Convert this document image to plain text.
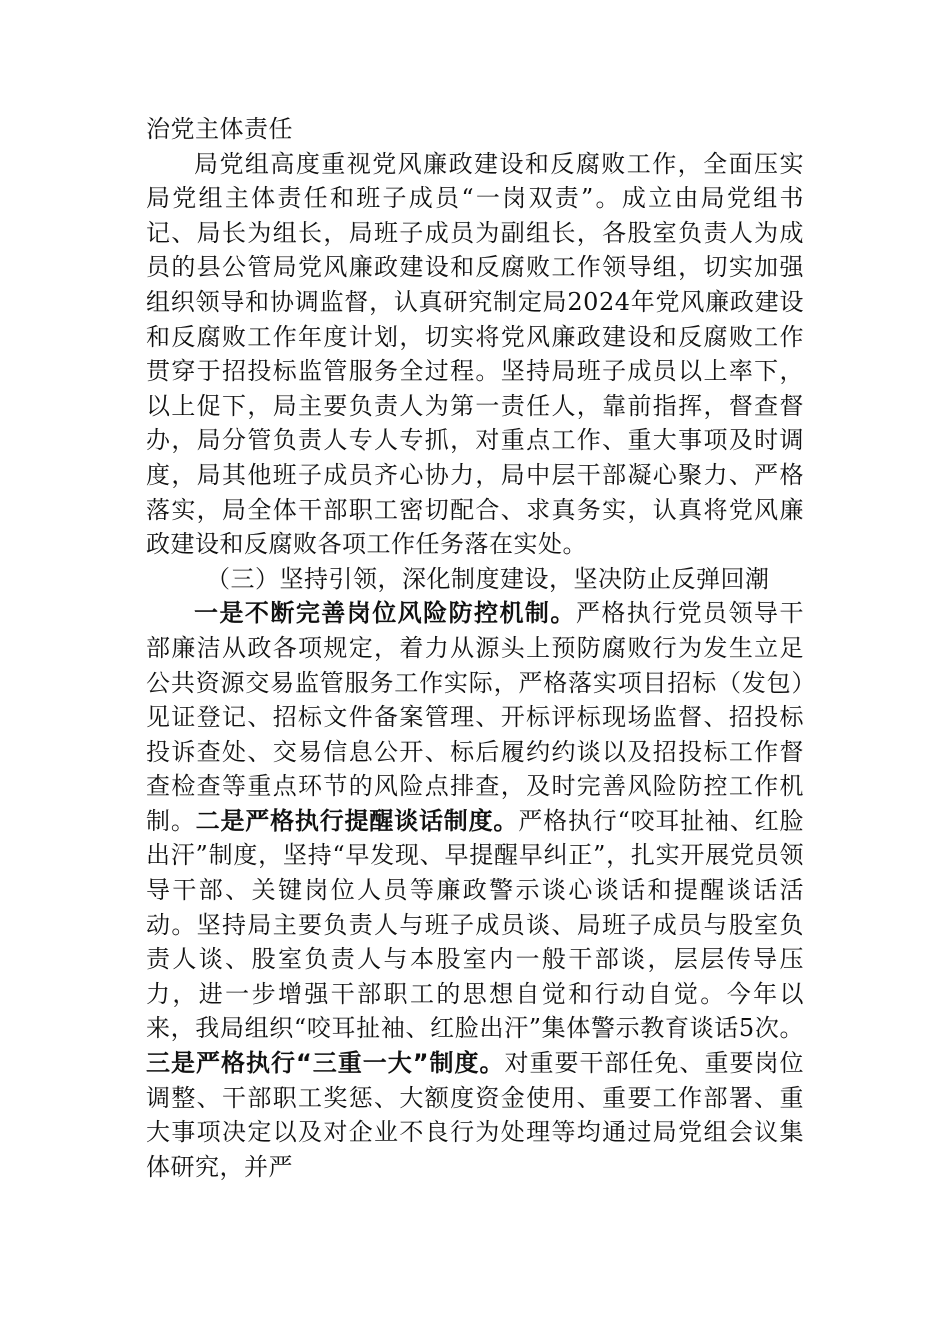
治党主体责任

局党组高度重视党风廉政建设和反腐败工作，全面压实局党组主体责任和班子成员“一岗双责”。成立由局党组书记、局长为组长，局班子成员为副组长，各股室负责人为成员的县公管局党风廉政建设和反腐败工作领导组，切实加强组织领导和协调监督，认真研究制定局2024年党风廉政建设和反腐败工作年度计划，切实将党风廉政建设和反腐败工作贯穿于招投标监管服务全过程。坚持局班子成员以上率下，以上促下，局主要负责人为第一责任人，靠前指挥，督查督办，局分管负责人专人专抓，对重点工作、重大事项及时调度，局其他班子成员齐心协力，局中层干部凝心聚力、严格落实，局全体干部职工密切配合、求真务实，认真将党风廉政建设和反腐败各项工作任务落在实处。

（三）坚持引领，深化制度建设，坚决防止反弹回潮

一是不断完善岗位风险防控机制。严格执行党员领导干部廉洁从政各项规定，着力从源头上预防腐败行为发生立足公共资源交易监管服务工作实际，严格落实项目招标（发包）见证登记、招标文件备案管理、开标评标现场监督、招投标投诉查处、交易信息公开、标后履约约谈以及招投标工作督查检查等重点环节的风险点排查，及时完善风险防控工作机制。二是严格执行提醒谈话制度。严格执行“咬耳扯袖、红脸出汗”制度，坚持“早发现、早提醒早纠正”，扎实开展党员领导干部、关键岗位人员等廉政警示谈心谈话和提醒谈话活动。坚持局主要负责人与班子成员谈、局班子成员与股室负责人谈、股室负责人与本股室内一般干部谈，层层传导压力，进一步增强干部职工的思想自觉和行动自觉。今年以来，我局组织“咬耳扯袖、红脸出汗”集体警示教育谈话5次。三是严格执行“三重一大”制度。对重要干部任免、重要岗位调整、干部职工奖惩、大额度资金使用、重要工作部署、重大事项决定以及对企业不良行为处理等均通过局党组会议集体研究，并严
